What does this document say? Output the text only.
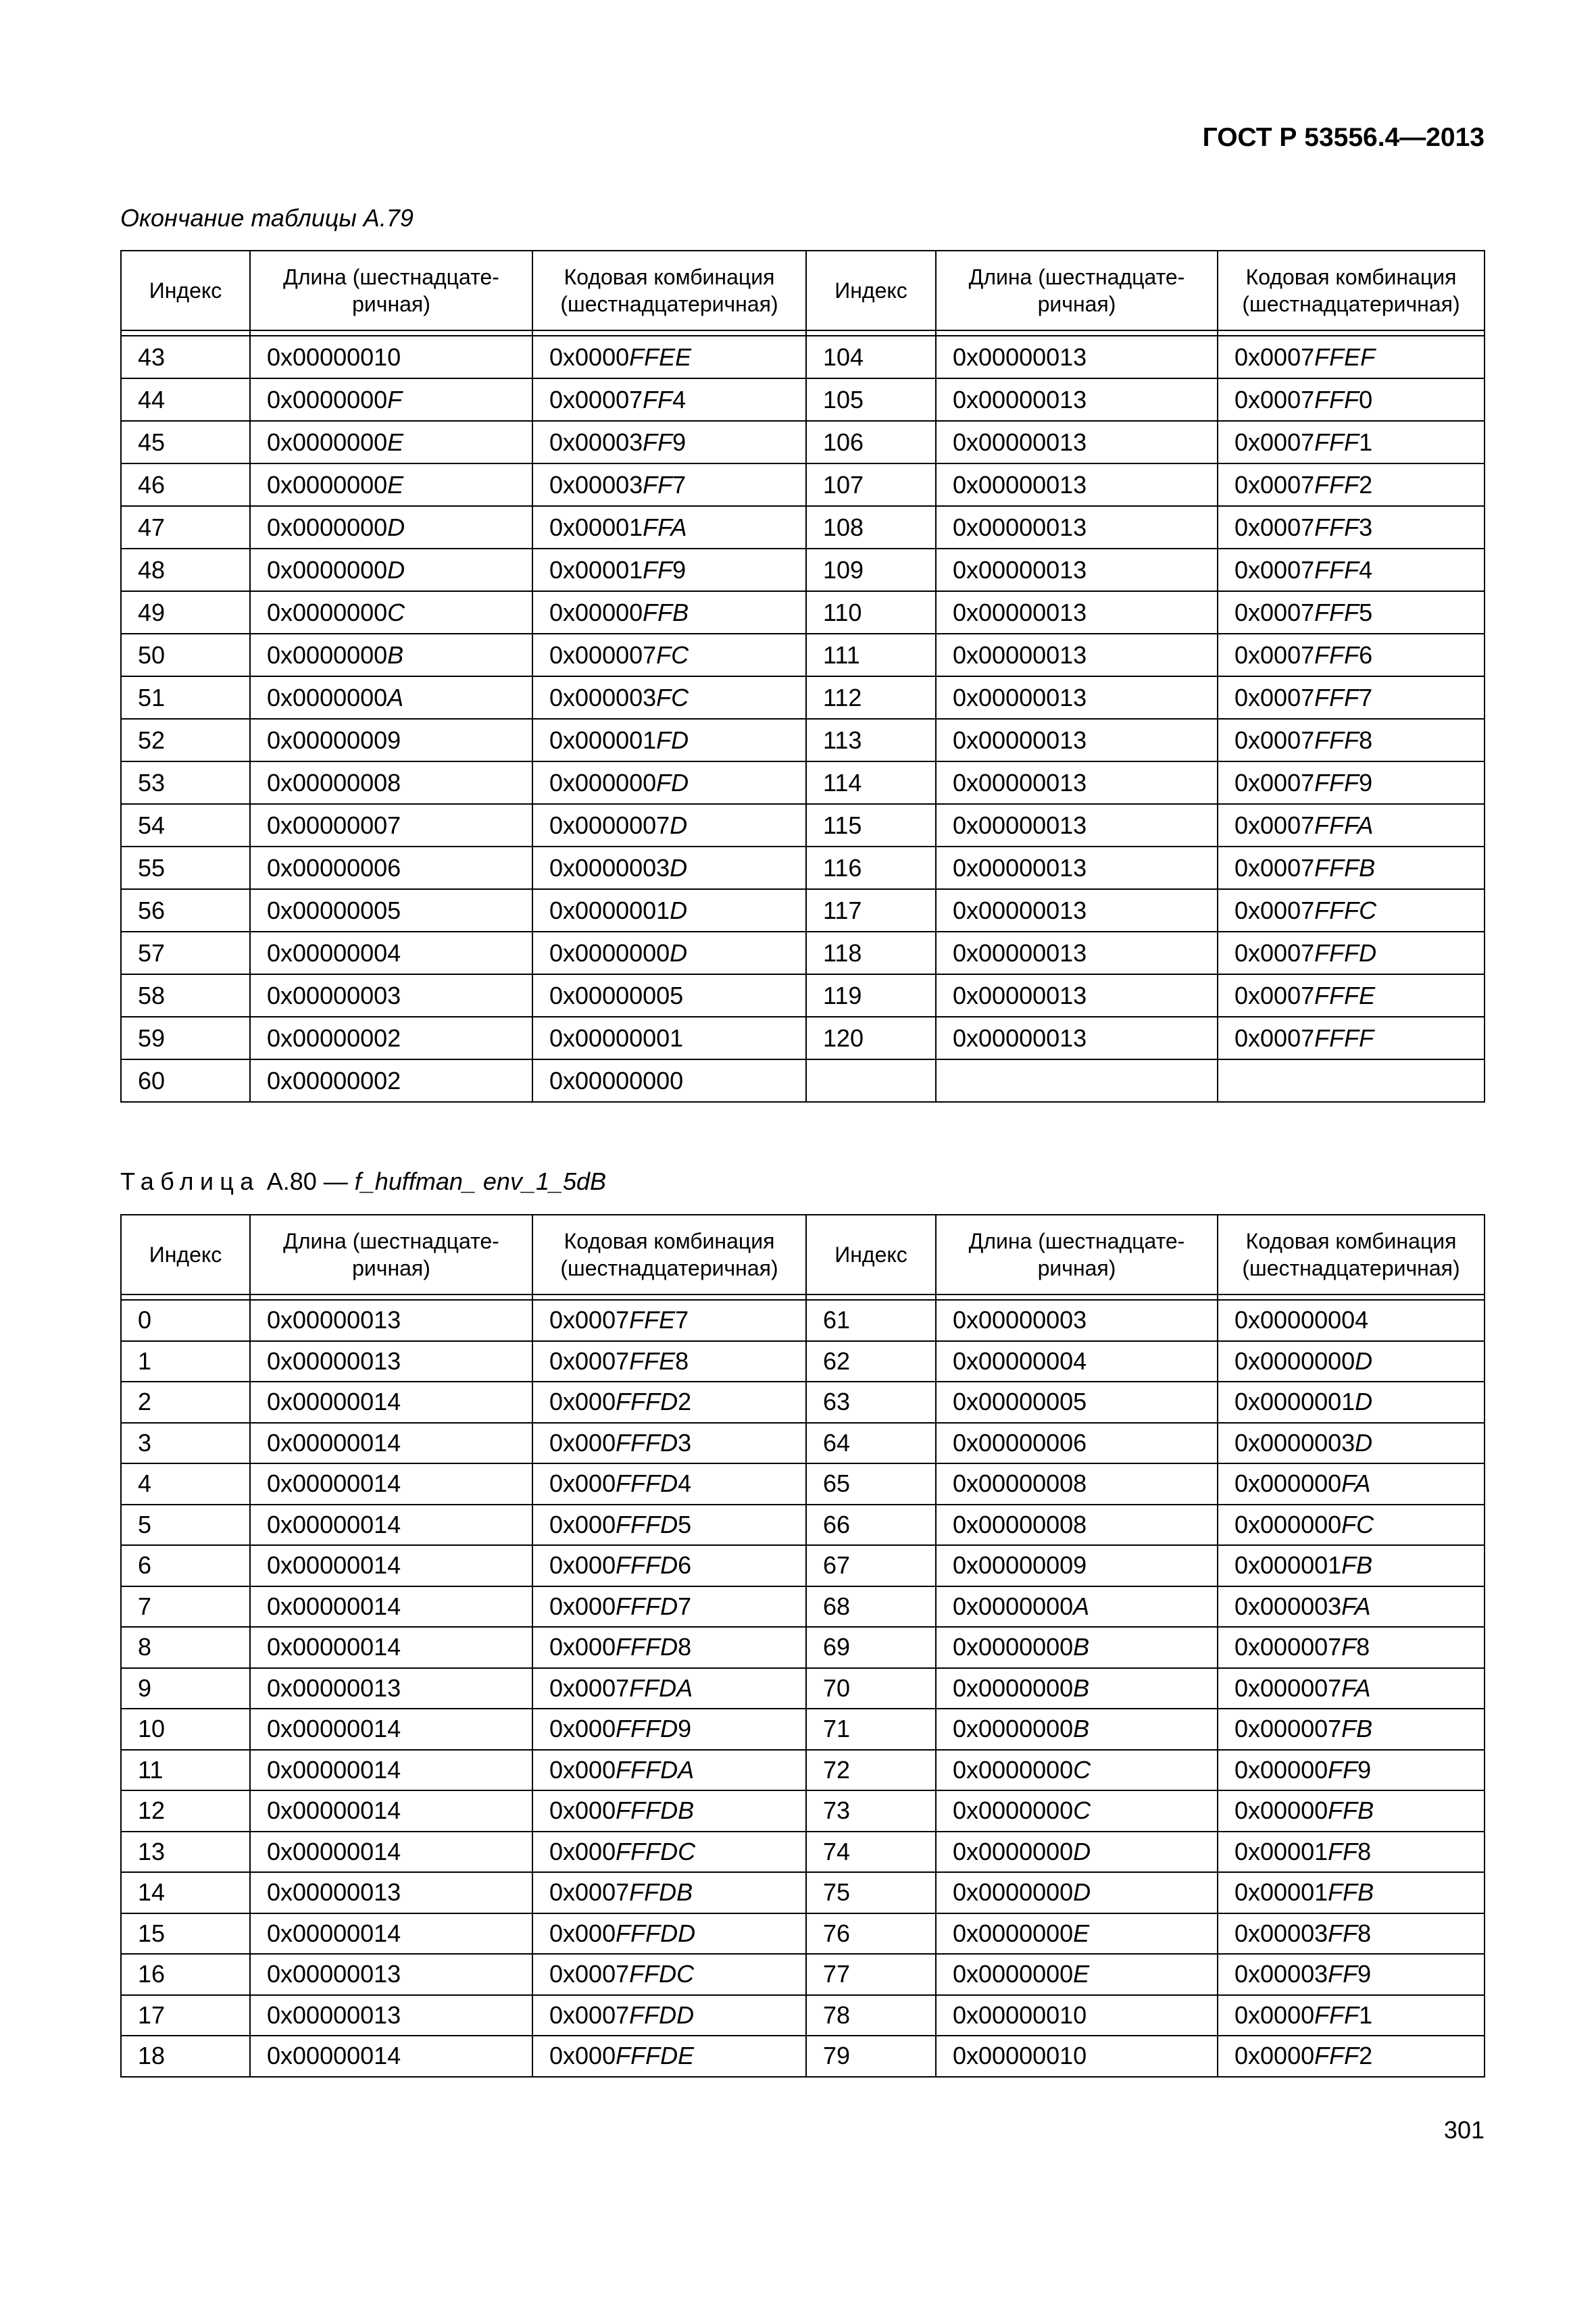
ГОСТ Р 53556.4—2013
Окончание таблицы А.79
Индекс	Длина (шестнадцате-ричная)	Кодовая комбинация (шестнадцатеричная)	Индекс	Длина (шестнадцате-ричная)	Кодовая комбинация (шестнадцатеричная)

43	0x00000010	0x0000FFEE	104	0x00000013	0x0007FFEF
44	0x0000000F	0x00007FF4	105	0x00000013	0x0007FFF0
45	0x0000000E	0x00003FF9	106	0x00000013	0x0007FFF1
46	0x0000000E	0x00003FF7	107	0x00000013	0x0007FFF2
47	0x0000000D	0x00001FFA	108	0x00000013	0x0007FFF3
48	0x0000000D	0x00001FF9	109	0x00000013	0x0007FFF4
49	0x0000000C	0x00000FFB	110	0x00000013	0x0007FFF5
50	0x0000000B	0x000007FC	111	0x00000013	0x0007FFF6
51	0x0000000A	0x000003FC	112	0x00000013	0x0007FFF7
52	0x00000009	0x000001FD	113	0x00000013	0x0007FFF8
53	0x00000008	0x000000FD	114	0x00000013	0x0007FFF9
54	0x00000007	0x0000007D	115	0x00000013	0x0007FFFA
55	0x00000006	0x0000003D	116	0x00000013	0x0007FFFB
56	0x00000005	0x0000001D	117	0x00000013	0x0007FFFC
57	0x00000004	0x0000000D	118	0x00000013	0x0007FFFD
58	0x00000003	0x00000005	119	0x00000013	0x0007FFFE
59	0x00000002	0x00000001	120	0x00000013	0x0007FFFF
60	0x00000002	0x00000000			
Таблица А.80 — f_huffman_ env_1_5dB
Индекс	Длина (шестнадцате-ричная)	Кодовая комбинация (шестнадцатеричная)	Индекс	Длина (шестнадцате-ричная)	Кодовая комбинация (шестнадцатеричная)

0	0x00000013	0x0007FFE7	61	0x00000003	0x00000004
1	0x00000013	0x0007FFE8	62	0x00000004	0x0000000D
2	0x00000014	0x000FFFD2	63	0x00000005	0x0000001D
3	0x00000014	0x000FFFD3	64	0x00000006	0x0000003D
4	0x00000014	0x000FFFD4	65	0x00000008	0x000000FA
5	0x00000014	0x000FFFD5	66	0x00000008	0x000000FC
6	0x00000014	0x000FFFD6	67	0x00000009	0x000001FB
7	0x00000014	0x000FFFD7	68	0x0000000A	0x000003FA
8	0x00000014	0x000FFFD8	69	0x0000000B	0x000007F8
9	0x00000013	0x0007FFDA	70	0x0000000B	0x000007FA
10	0x00000014	0x000FFFD9	71	0x0000000B	0x000007FB
11	0x00000014	0x000FFFDA	72	0x0000000C	0x00000FF9
12	0x00000014	0x000FFFDB	73	0x0000000C	0x00000FFB
13	0x00000014	0x000FFFDC	74	0x0000000D	0x00001FF8
14	0x00000013	0x0007FFDB	75	0x0000000D	0x00001FFB
15	0x00000014	0x000FFFDD	76	0x0000000E	0x00003FF8
16	0x00000013	0x0007FFDC	77	0x0000000E	0x00003FF9
17	0x00000013	0x0007FFDD	78	0x00000010	0x0000FFF1
18	0x00000014	0x000FFFDE	79	0x00000010	0x0000FFF2
301
